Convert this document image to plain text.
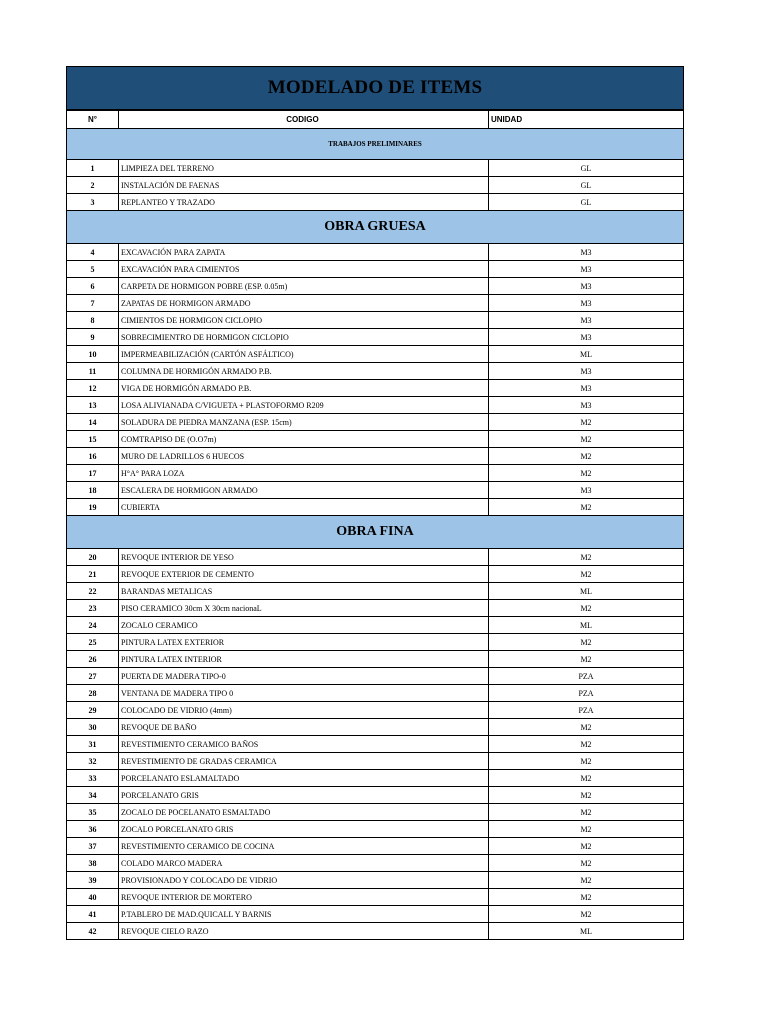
MODELADO DE ITEMS
N°	CODIGO	UNIDAD
TRABAJOS PRELIMINARES		
1	LIMPIEZA DEL TERRENO	GL
2	INSTALACIÓN DE FAENAS	GL
3	REPLANTEO Y TRAZADO	GL
OBRA GRUESA		
4	EXCAVACIÓN PARA ZAPATA	M3
5	EXCAVACIÓN PARA CIMIENTOS	M3
6	CARPETA DE HORMIGON POBRE (ESP. 0.05m)	M3
7	ZAPATAS DE HORMIGON ARMADO	M3
8	CIMIENTOS DE HORMIGON CICLOPIO	M3
9	SOBRECIMIENTRO DE HORMIGON CICLOPIO	M3
10	IMPERMEABILIZACIÓN (CARTÓN ASFÁLTICO)	ML
11	COLUMNA DE HORMIGÓN ARMADO P.B.	M3
12	VIGA DE HORMIGÓN ARMADO P.B.	M3
13	LOSA ALIVIANADA C/VIGUETA + PLASTOFORMO R209	M3
14	SOLADURA DE PIEDRA MANZANA (ESP. 15cm)	M2
15	COMTRAPISO DE (O.O7m)	M2
16	MURO DE LADRILLOS 6 HUECOS	M2
17	H°A° PARA LOZA	M2
18	ESCALERA DE HORMIGON ARMADO	M3
19	CUBIERTA	M2
OBRA FINA		
20	REVOQUE INTERIOR DE YESO	M2
21	REVOQUE EXTERIOR DE CEMENTO	M2
22	BARANDAS METALICAS	ML
23	PISO CERAMICO 30cm X 30cm nacionaL	M2
24	ZOCALO CERAMICO	ML
25	PINTURA LATEX EXTERIOR	M2
26	PINTURA LATEX INTERIOR	M2
27	PUERTA DE MADERA TIPO-0	PZA
28	VENTANA DE MADERA TIPO 0	PZA
29	COLOCADO DE VIDRIO (4mm)	PZA
30	REVOQUE DE BAÑO	M2
31	REVESTIMIENTO CERAMICO BAÑOS	M2
32	REVESTIMIENTO DE GRADAS CERAMICA	M2
33	PORCELANATO ESLAMALTADO	M2
34	PORCELANATO GRIS	M2
35	ZOCALO DE POCELANATO ESMALTADO	M2
36	ZOCALO PORCELANATO GRIS	M2
37	REVESTIMIENTO CERAMICO DE COCINA	M2
38	COLADO MARCO MADERA	M2
39	PROVISIONADO Y COLOCADO DE VIDRIO	M2
40	REVOQUE INTERIOR DE MORTERO	M2
41	P.TABLERO DE MAD.QUICALL Y BARNIS	M2
42	REVOQUE CIELO RAZO	ML
